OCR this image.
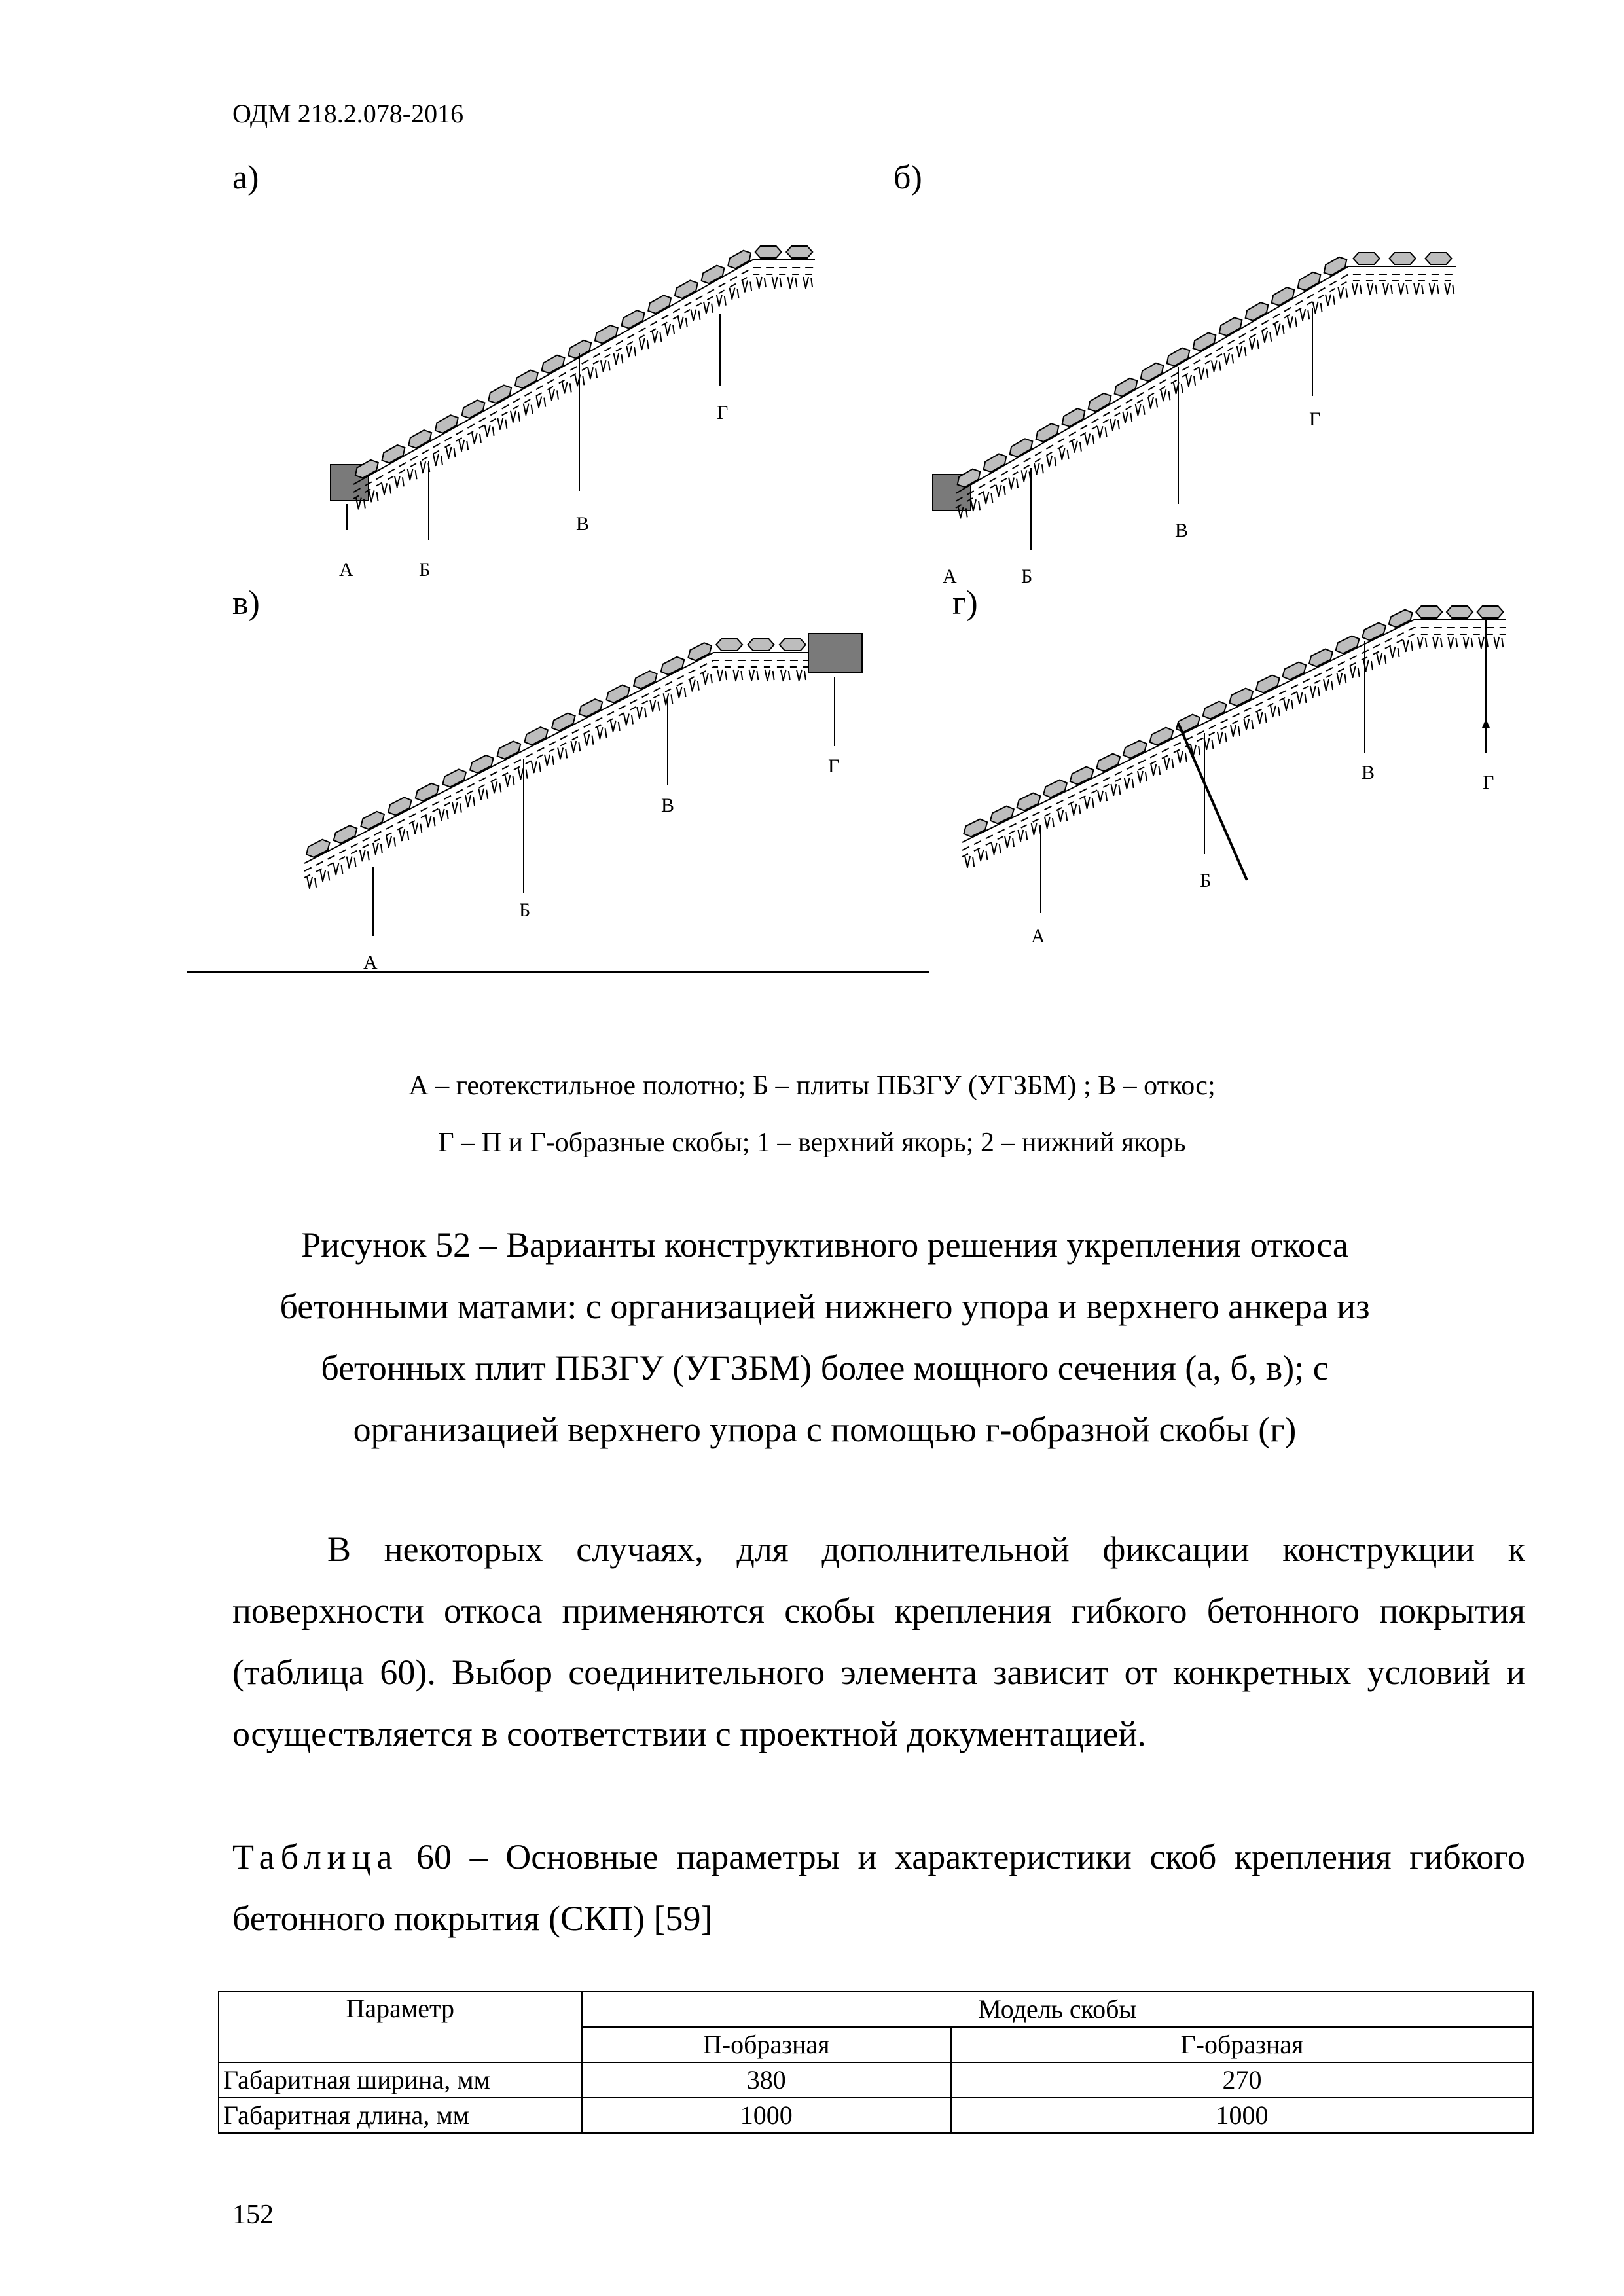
ОДМ 218.2.078-2016
а)	б)
в)	г)
А	Б
В
Г
А	Б
В
Г
А
Б
В
Г
А
Б
В	Г
А – геотекстильное полотно; Б – плиты ПБЗГУ (УГЗБМ) ; В – откос;
Г – П и Г-образные скобы; 1 – верхний якорь; 2 – нижний якорь
Рисунок 52 – Варианты конструктивного решения укрепления откоса бетонными матами: с организацией нижнего упора и верхнего анкера из бетонных плит ПБЗГУ (УГЗБМ) более мощного сечения (а, б, в); с организацией верхнего упора с помощью г-образной скобы (г)
В некоторых случаях, для дополнительной фиксации конструкции к поверхности откоса применяются скобы крепления гибкого бетонного покрытия (таблица 60). Выбор соединительного элемента зависит от конкретных условий и осуществляется в соответствии с проектной документацией.
Таблица 60 – Основные параметры и характеристики скоб крепления гибкого бетонного покрытия (СКП) [59]
Параметр	Модель скобы	
	П-образная	Г-образная
Габаритная ширина, мм	380	270
Габаритная длина, мм	1000	1000
152
